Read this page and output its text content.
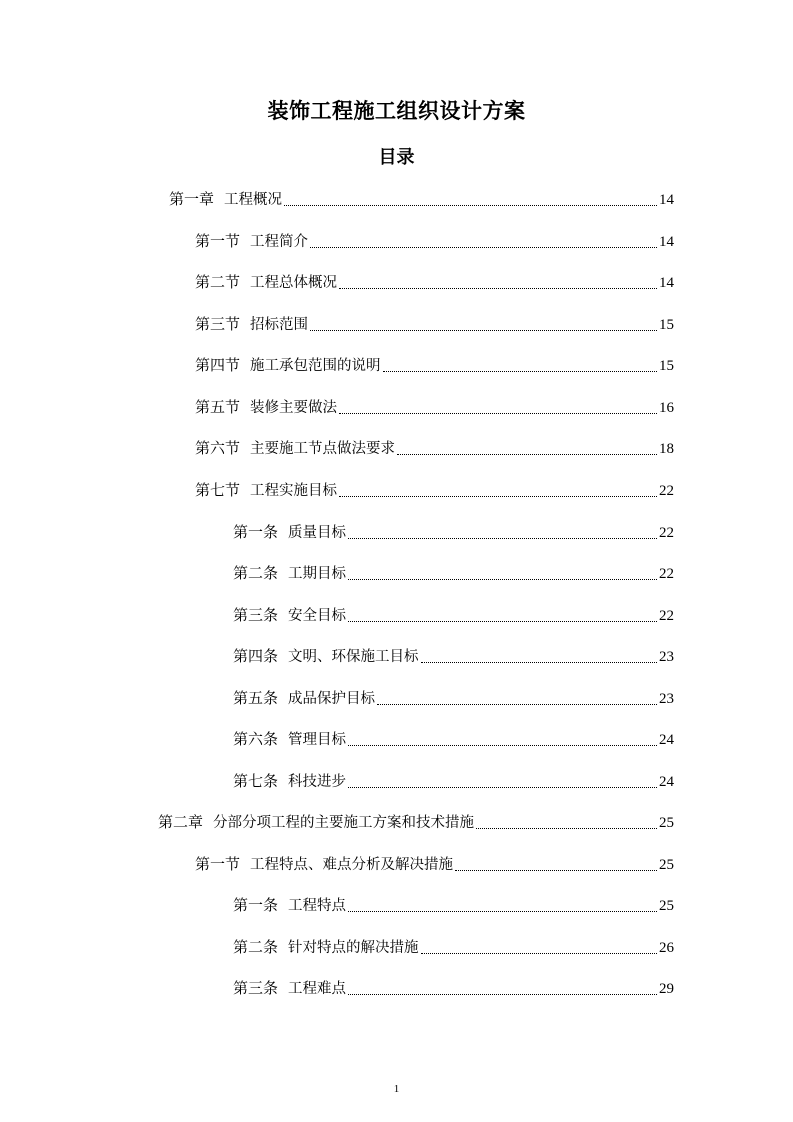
装饰工程施工组织设计方案
目录
第一章 工程概况	14
第一节 工程简介	14
第二节 工程总体概况	14
第三节 招标范围	15
第四节 施工承包范围的说明	15
第五节 装修主要做法	16
第六节 主要施工节点做法要求	18
第七节 工程实施目标	22
第一条 质量目标	22
第二条 工期目标	22
第三条 安全目标	22
第四条 文明、环保施工目标	23
第五条 成品保护目标	23
第六条 管理目标	24
第七条 科技进步	24
第二章 分部分项工程的主要施工方案和技术措施	25
第一节 工程特点、难点分析及解决措施	25
第一条 工程特点	25
第二条 针对特点的解决措施	26
第三条 工程难点	29
1
